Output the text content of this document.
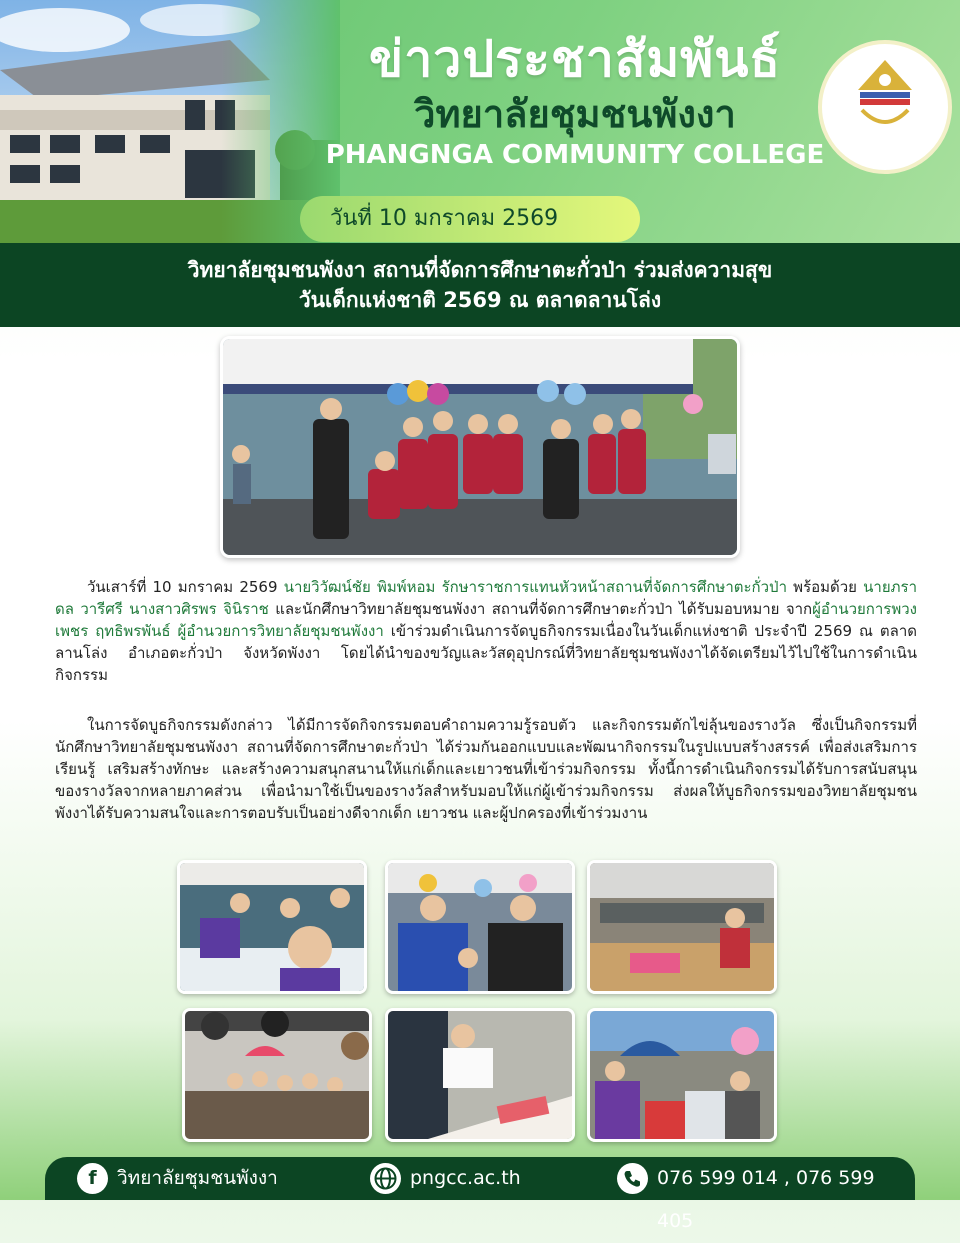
ข่าวประชาสัมพันธ์
วิทยาลัยชุมชนพังงา
PHANGNGA COMMUNITY COLLEGE
วันที่ 10 มกราคม 2569
วิทยาลัยชุมชนพังงา สถานที่จัดการศึกษาตะกั่วป่า ร่วมส่งความสุข
วันเด็กแห่งชาติ 2569 ณ ตลาดลานโล่ง
วันเสาร์ที่ 10 มกราคม 2569 นายวิวัฒน์ชัย พิมพ์หอม รักษาราชการแทนหัวหน้าสถานที่จัดการศึกษาตะกั่วป่า พร้อมด้วย นายภราดล วารีศรี นางสาวศิรพร จินิราช และนักศึกษาวิทยาลัยชุมชนพังงา สถานที่จัดการศึกษาตะกั่วป่า ได้รับมอบหมาย จากผู้อำนวยการพวงเพชร ฤทธิพรพันธ์ ผู้อำนวยการวิทยาลัยชุมชนพังงา เข้าร่วมดำเนินการจัดบูธกิจกรรมเนื่องในวันเด็กแห่งชาติ ประจำปี 2569 ณ ตลาดลานโล่ง อำเภอตะกั่วป่า จังหวัดพังงา โดยได้นำของขวัญและวัสดุอุปกรณ์ที่วิทยาลัยชุมชนพังงาได้จัดเตรียมไว้ไปใช้ในการดำเนินกิจกรรม
ในการจัดบูธกิจกรรมดังกล่าว ได้มีการจัดกิจกรรมตอบคำถามความรู้รอบตัว และกิจกรรมตักไข่ลุ้นของรางวัล ซึ่งเป็นกิจกรรมที่นักศึกษาวิทยาลัยชุมชนพังงา สถานที่จัดการศึกษาตะกั่วป่า ได้ร่วมกันออกแบบและพัฒนากิจกรรมในรูปแบบสร้างสรรค์ เพื่อส่งเสริมการเรียนรู้ เสริมสร้างทักษะ และสร้างความสนุกสนานให้แก่เด็กและเยาวชนที่เข้าร่วมกิจกรรม ทั้งนี้การดำเนินกิจกรรมได้รับการสนับสนุนของรางวัลจากหลายภาคส่วน เพื่อนำมาใช้เป็นของรางวัลสำหรับมอบให้แก่ผู้เข้าร่วมกิจกรรม ส่งผลให้บูธกิจกรรมของวิทยาลัยชุมชนพังงาได้รับความสนใจและการตอบรับเป็นอย่างดีจากเด็ก เยาวชน และผู้ปกครองที่เข้าร่วมงาน
f	วิทยาลัยชุมชนพังงา	pngcc.ac.th	076 599 014 , 076 599 405
